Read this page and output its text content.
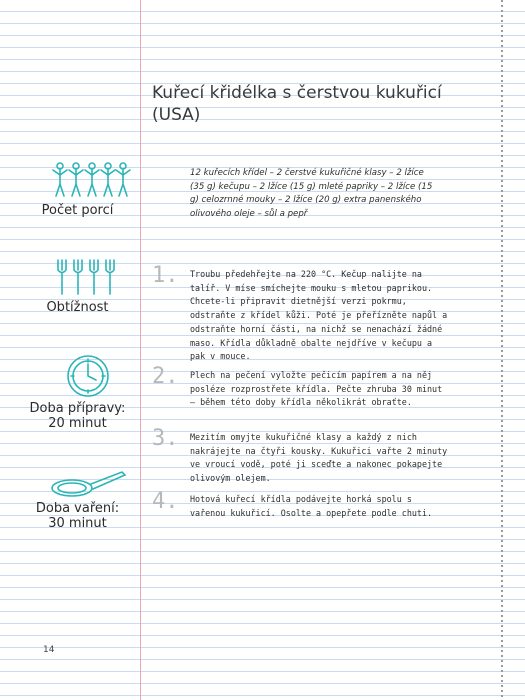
Kuřecí křidélka s čerstvou kukuřicí (USA)
Počet porcí
Obtížnost
Doba přípravy:
20 minut
Doba vaření:
30 minut
12 kuřecích křídel – 2 čerstvé kukuřičné klasy – 2 lžíce (35 g) kečupu – 2 lžíce (15 g) mleté papriky – 2 lžíce (15 g) celozrnné mouky – 2 lžíce (20 g) extra panenského olivového oleje – sůl a pepř
1. Troubu předehřejte na 220 °C. Kečup nalijte na talíř. V míse smíchejte mouku s mletou paprikou. Chcete-li připravit dietnější verzi pokrmu, odstraňte z křídel kůži. Poté je přeřízněte napůl a odstraňte horní části, na nichž se nenachází žádné maso. Křídla důkladně obalte nejdříve v kečupu a pak v mouce.
2. Plech na pečení vyložte pečicím papírem a na něj posléze rozprostřete křídla. Pečte zhruba 30 minut – během této doby křídla několikrát obraťte.
3. Mezitím omyjte kukuřičné klasy a každý z nich nakrájejte na čtyři kousky. Kukuřici vařte 2 minuty ve vroucí vodě, poté ji sceďte a nakonec pokapejte olivovým olejem.
4. Hotová kuřecí křídla podávejte horká spolu s vařenou kukuřicí. Osolte a opepřete podle chuti.
14
